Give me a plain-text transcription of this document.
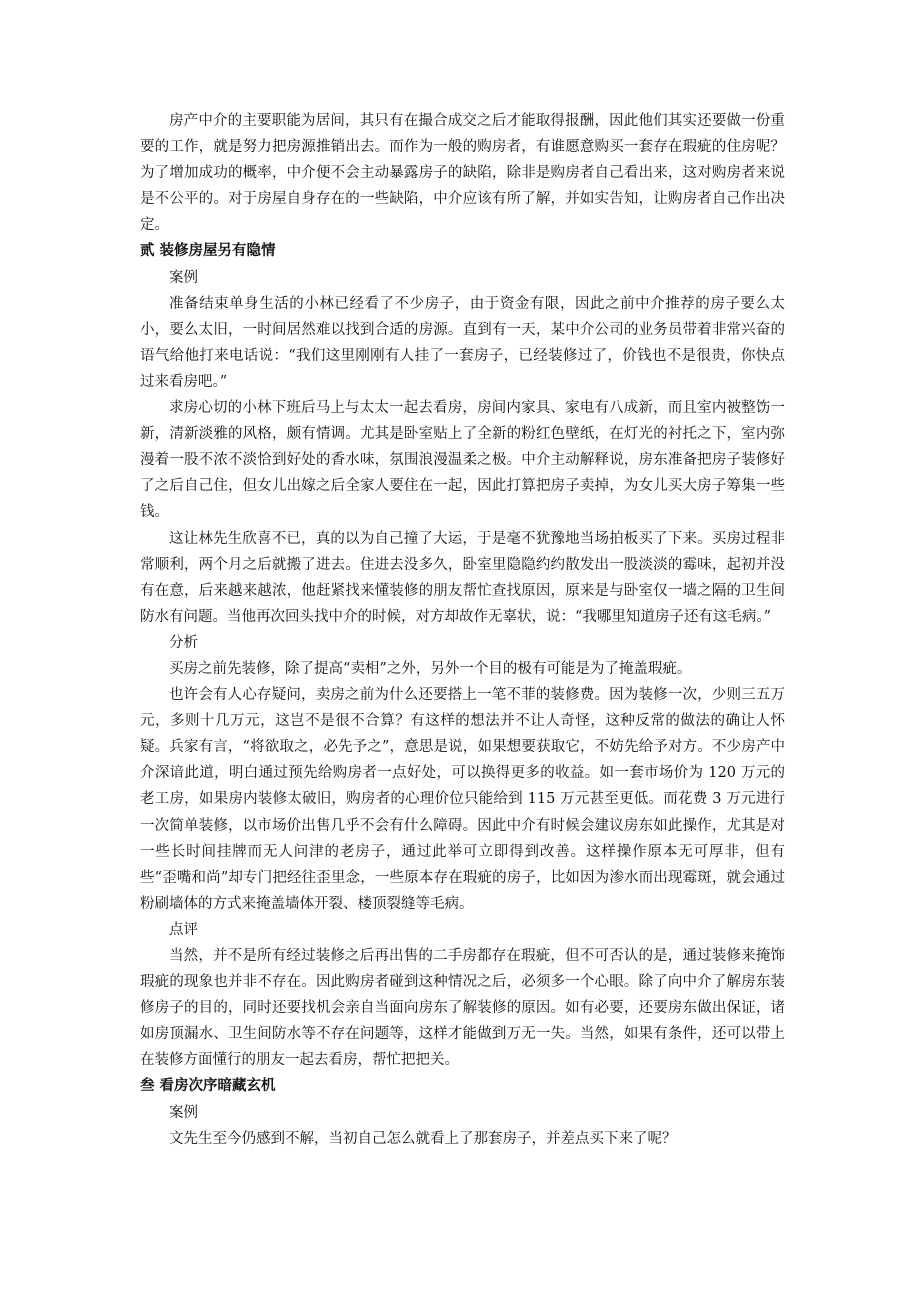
房产中介的主要职能为居间，其只有在撮合成交之后才能取得报酬，因此他们其实还要做一份重要的工作，就是努力把房源推销出去。而作为一般的购房者，有谁愿意购买一套存在瑕疵的住房呢？为了增加成功的概率，中介便不会主动暴露房子的缺陷，除非是购房者自己看出来，这对购房者来说是不公平的。对于房屋自身存在的一些缺陷，中介应该有所了解，并如实告知，让购房者自己作出决定。

贰 装修房屋另有隐情

案例

准备结束单身生活的小林已经看了不少房子，由于资金有限，因此之前中介推荐的房子要么太小，要么太旧，一时间居然难以找到合适的房源。直到有一天，某中介公司的业务员带着非常兴奋的语气给他打来电话说：“我们这里刚刚有人挂了一套房子，已经装修过了，价钱也不是很贵，你快点过来看房吧。”

求房心切的小林下班后马上与太太一起去看房，房间内家具、家电有八成新，而且室内被整饬一新，清新淡雅的风格，颇有情调。尤其是卧室贴上了全新的粉红色壁纸，在灯光的衬托之下，室内弥漫着一股不浓不淡恰到好处的香水味，氛围浪漫温柔之极。中介主动解释说，房东准备把房子装修好了之后自己住，但女儿出嫁之后全家人要住在一起，因此打算把房子卖掉，为女儿买大房子筹集一些钱。

这让林先生欣喜不已，真的以为自己撞了大运，于是毫不犹豫地当场拍板买了下来。买房过程非常顺利，两个月之后就搬了进去。住进去没多久，卧室里隐隐约约散发出一股淡淡的霉味，起初并没有在意，后来越来越浓，他赶紧找来懂装修的朋友帮忙查找原因，原来是与卧室仅一墙之隔的卫生间防水有问题。当他再次回头找中介的时候，对方却故作无辜状，说：“我哪里知道房子还有这毛病。”

分析

买房之前先装修，除了提高“卖相”之外，另外一个目的极有可能是为了掩盖瑕疵。

也许会有人心存疑问，卖房之前为什么还要搭上一笔不菲的装修费。因为装修一次，少则三五万元，多则十几万元，这岂不是很不合算？有这样的想法并不让人奇怪，这种反常的做法的确让人怀疑。兵家有言，“将欲取之，必先予之”，意思是说，如果想要获取它，不妨先给予对方。不少房产中介深谙此道，明白通过预先给购房者一点好处，可以换得更多的收益。如一套市场价为 120 万元的老工房，如果房内装修太破旧，购房者的心理价位只能给到 115 万元甚至更低。而花费 3 万元进行一次简单装修，以市场价出售几乎不会有什么障碍。因此中介有时候会建议房东如此操作，尤其是对一些长时间挂牌而无人问津的老房子，通过此举可立即得到改善。这样操作原本无可厚非，但有些“歪嘴和尚”却专门把经往歪里念，一些原本存在瑕疵的房子，比如因为渗水而出现霉斑，就会通过粉刷墙体的方式来掩盖墙体开裂、楼顶裂缝等毛病。

点评

当然，并不是所有经过装修之后再出售的二手房都存在瑕疵，但不可否认的是，通过装修来掩饰瑕疵的现象也并非不存在。因此购房者碰到这种情况之后，必须多一个心眼。除了向中介了解房东装修房子的目的，同时还要找机会亲自当面向房东了解装修的原因。如有必要，还要房东做出保证，诸如房顶漏水、卫生间防水等不存在问题等，这样才能做到万无一失。当然，如果有条件，还可以带上在装修方面懂行的朋友一起去看房，帮忙把把关。

叁 看房次序暗藏玄机

案例

文先生至今仍感到不解，当初自己怎么就看上了那套房子，并差点买下来了呢？
